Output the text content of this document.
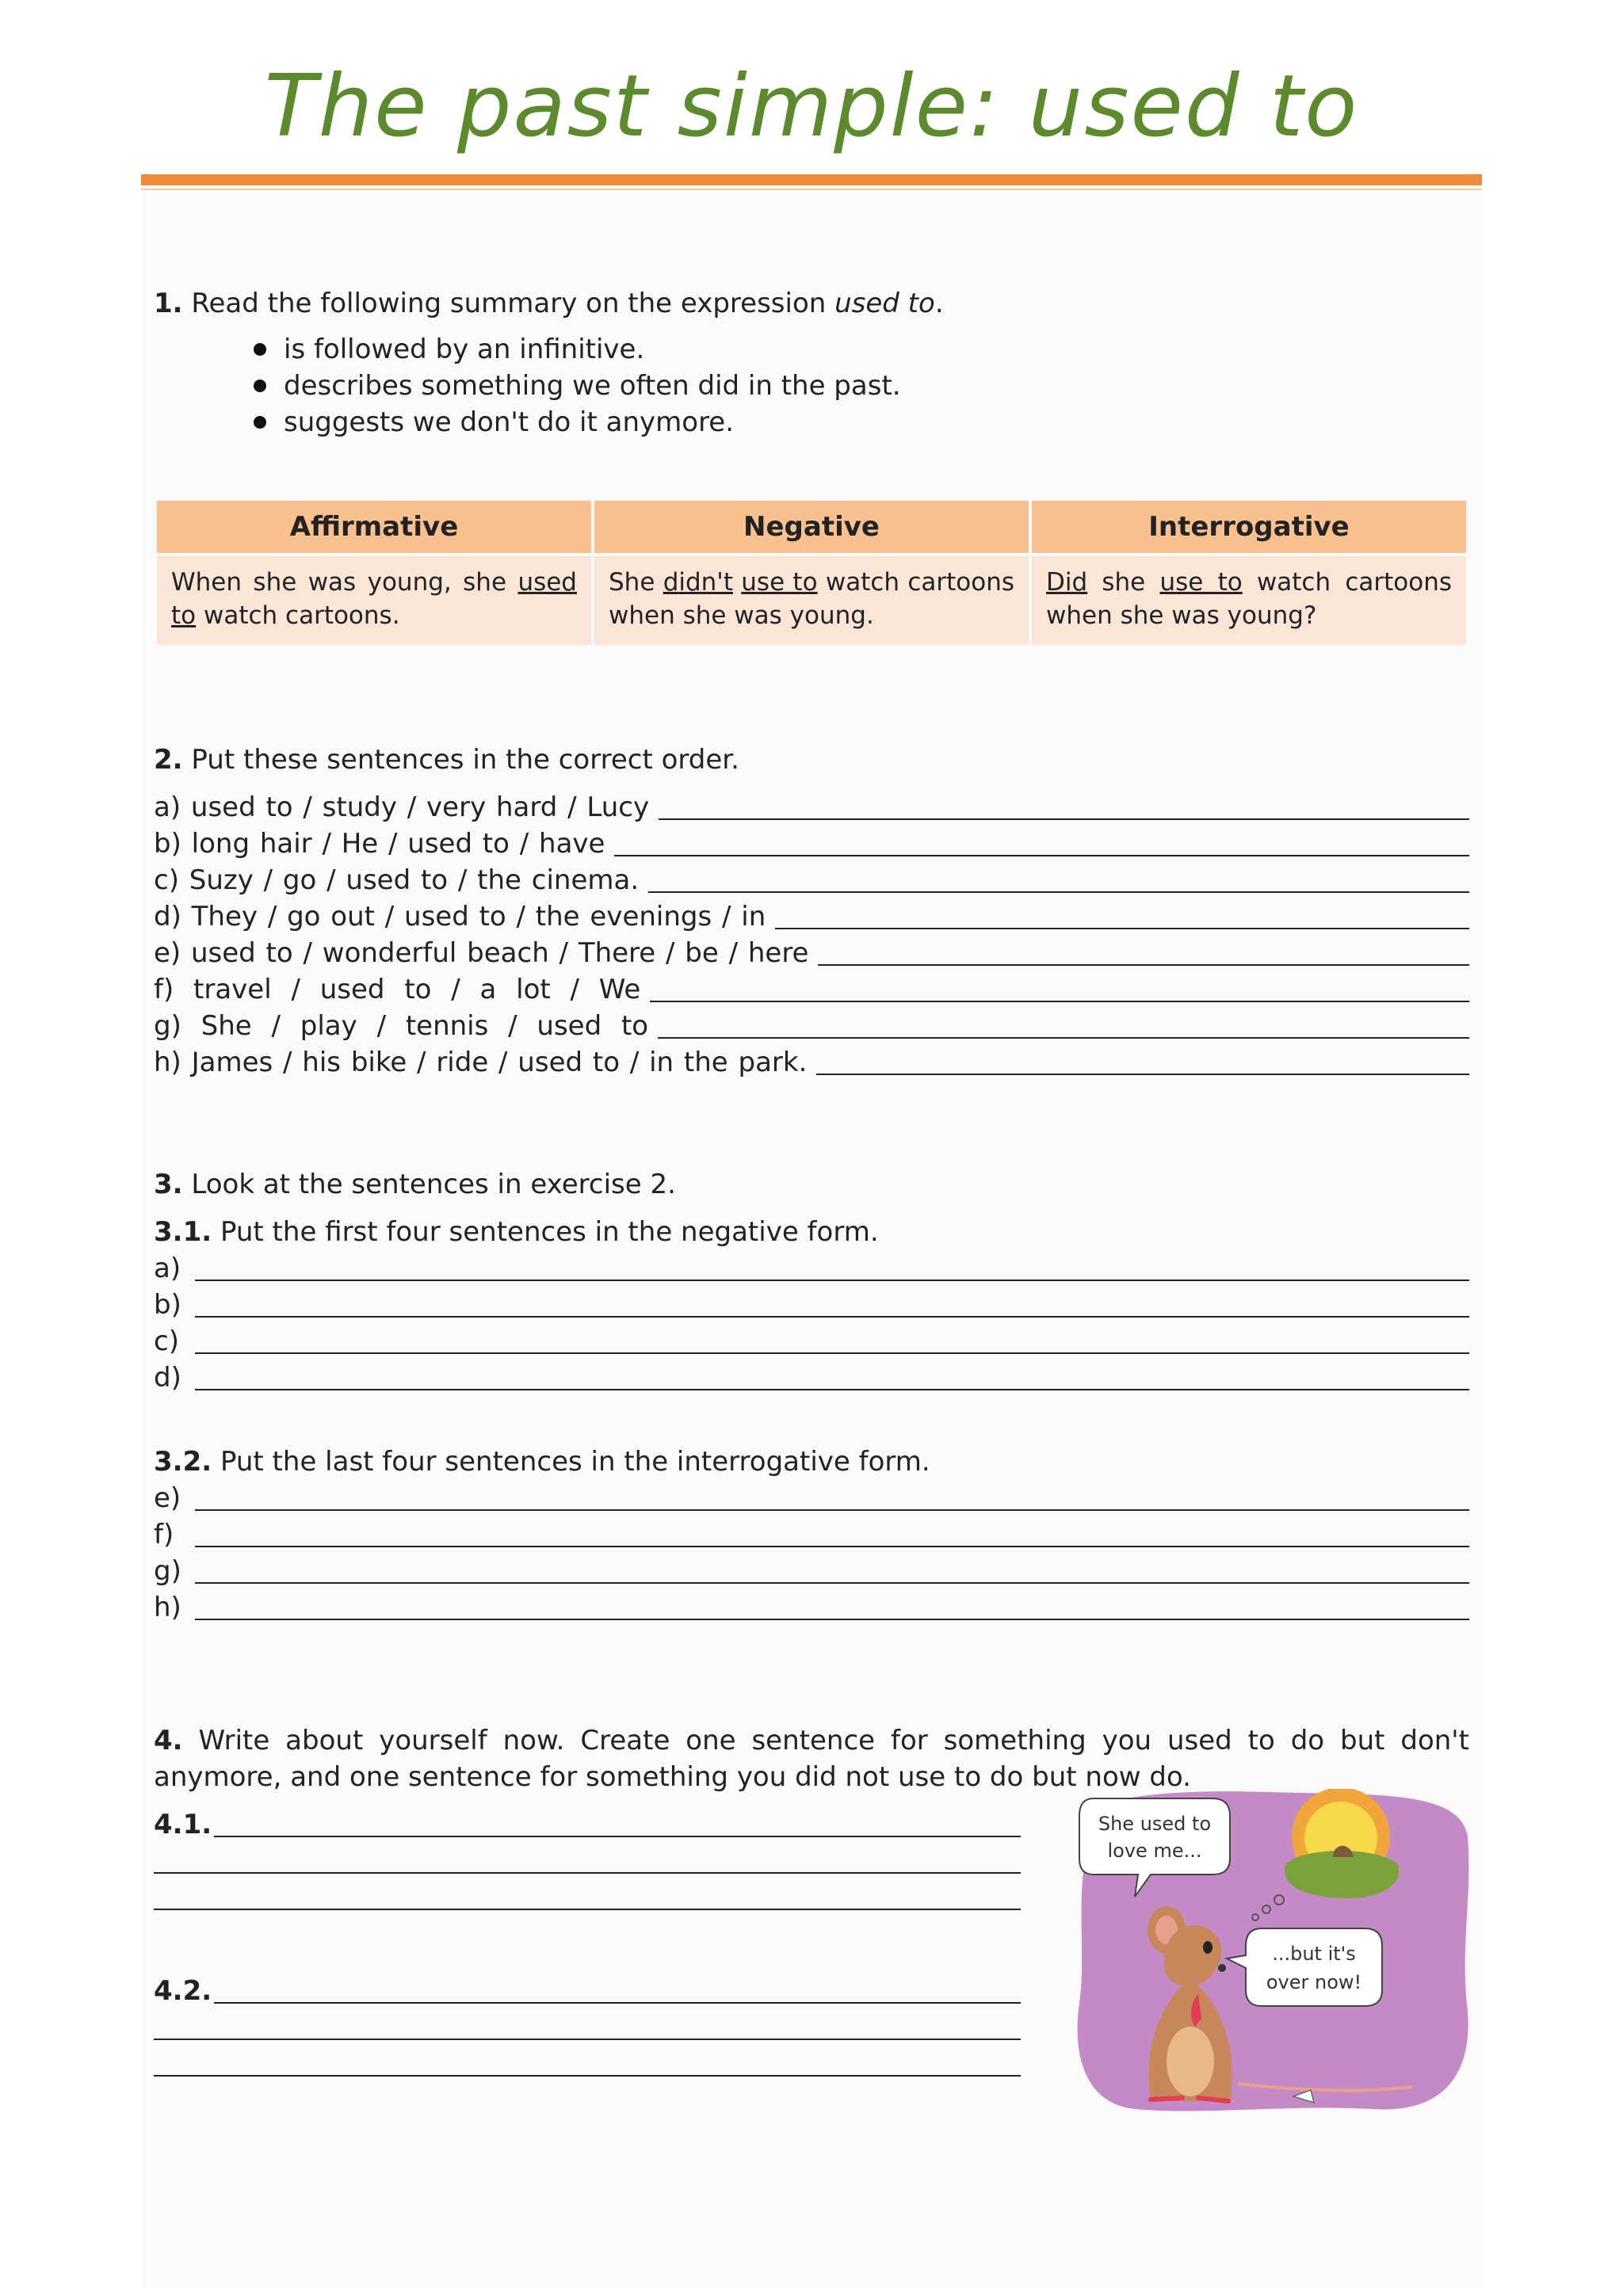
The past simple: used to
1. Read the following summary on the expression used to.
is followed by an infinitive.
describes something we often did in the past.
suggests we don't do it anymore.
Affirmative	Negative	Interrogative

When she was young, she used to watch cartoons.	She didn't use to watch cartoons when she was young.	Did she use to watch cartoons when she was young?
2. Put these sentences in the correct order.
a) used to / study / very hard / Lucy
b) long hair / He / used to / have
c) Suzy / go / used to / the cinema.
d) They / go out / used to / the evenings / in
e) used to / wonderful beach / There / be / here
f) travel / used to / a lot / We
g) She / play / tennis / used to
h) James / his bike / ride / used to / in the park.
3. Look at the sentences in exercise 2.
3.1. Put the first four sentences in the negative form.
a)
b)
c)
d)
3.2. Put the last four sentences in the interrogative form.
e)
f)
g)
h)
4. Write about yourself now. Create one sentence for something you used to do but don't anymore, and one sentence for something you did not use to do but now do.
4.1.
4.2.
She used to
love me...
...but it's
over now!
